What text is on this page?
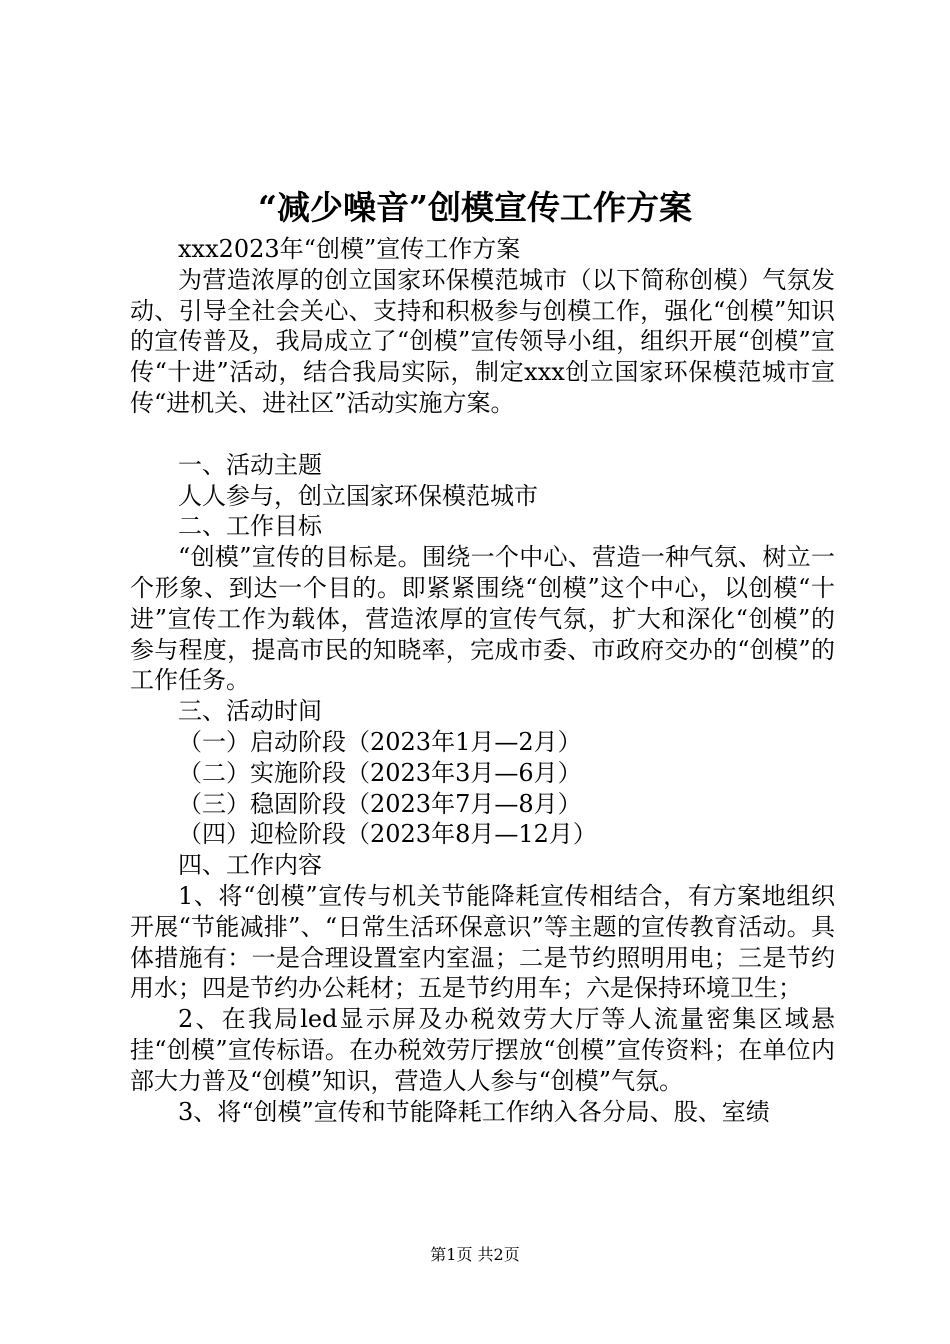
“减少噪音”创模宣传工作方案

xxx2023年“创模”宣传工作方案

为营造浓厚的创立国家环保模范城市（以下简称创模）气氛发动、引导全社会关心、支持和积极参与创模工作，强化“创模”知识的宣传普及，我局成立了“创模”宣传领导小组，组织开展“创模”宣传“十进”活动，结合我局实际，制定xxx创立国家环保模范城市宣传“进机关、进社区”活动实施方案。

一、活动主题

人人参与，创立国家环保模范城市

二、工作目标

“创模”宣传的目标是。围绕一个中心、营造一种气氛、树立一个形象、到达一个目的。即紧紧围绕“创模”这个中心，以创模“十进”宣传工作为载体，营造浓厚的宣传气氛，扩大和深化“创模”的参与程度，提高市民的知晓率，完成市委、市政府交办的“创模”的工作任务。

三、活动时间

（一）启动阶段（2023年1月—2月）

（二）实施阶段（2023年3月—6月）

（三）稳固阶段（2023年7月—8月）

（四）迎检阶段（2023年8月—12月）

四、工作内容

1、将“创模”宣传与机关节能降耗宣传相结合，有方案地组织开展“节能减排”、“日常生活环保意识”等主题的宣传教育活动。具体措施有：一是合理设置室内室温；二是节约照明用电；三是节约用水；四是节约办公耗材；五是节约用车；六是保持环境卫生；

2、在我局led显示屏及办税效劳大厅等人流量密集区域悬挂“创模”宣传标语。在办税效劳厅摆放“创模”宣传资料；在单位内部大力普及“创模”知识，营造人人参与“创模”气氛。

3、将“创模”宣传和节能降耗工作纳入各分局、股、室绩

第1页 共2页
